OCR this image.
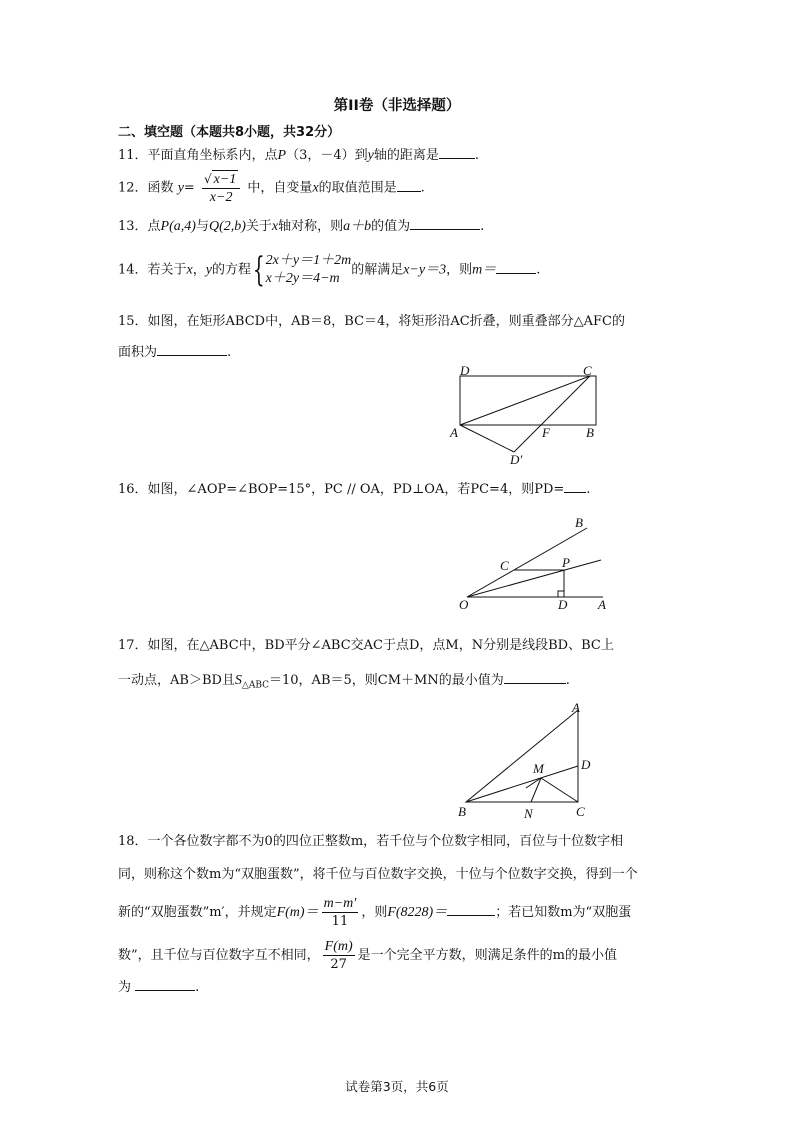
第II卷（非选择题）
二、填空题（本题共8小题，共32分）
11．平面直角坐标系内，点P（3，－4）到y轴的距离是	.
12．函数 $y= \frac{√ x-1}{x-2}$ 中，自变量x的取值范围是 .
13．点P(a,4)与Q(2,b)关于x轴对称，则a＋b的值为	.
14．若关于x，y的方程{ 2x＋y＝1＋2m
x＋2y＝4−m
的解满足x−y＝3，则m＝	.
15．如图，在矩形ABCD中，AB＝8，BC＝4，将矩形沿AC折叠，则重叠部分△AFC的
面积为	.
D	C
A	F	B
D′
16．如图，∠AOP=∠BOP=15°，PC // OA，PD⊥OA，若PC=4，则PD= .
B
C	P
O	D A
17．如图，在△ABC中，BD平分∠ABC交AC于点D，点M，N分别是线段BD、BC上
一动点，AB＞BD且$S_{\triangle ABC}=10$，AB＝5，则CM＋MN的最小值为	.
A
M	D
B	N	C
18．一个各位数字都不为0的四位正整数m，若千位与个位数字相同，百位与十位数字相
同，则称这个数m为“双胞蛋数”，将千位与百位数字交换，十位与个位数字交换，得到一个
新的“双胞蛋数”m′，并规定$F(m)= \frac{m-m'}{11}$ ，则F(8228)＝	；若已知数m为“双胞蛋
数”，且千位与百位数字互不相同， $\frac{F(m)}{27}$ 是一个完全平方数，则满足条件的m的最小值
为	.
试卷第3页，共6页
